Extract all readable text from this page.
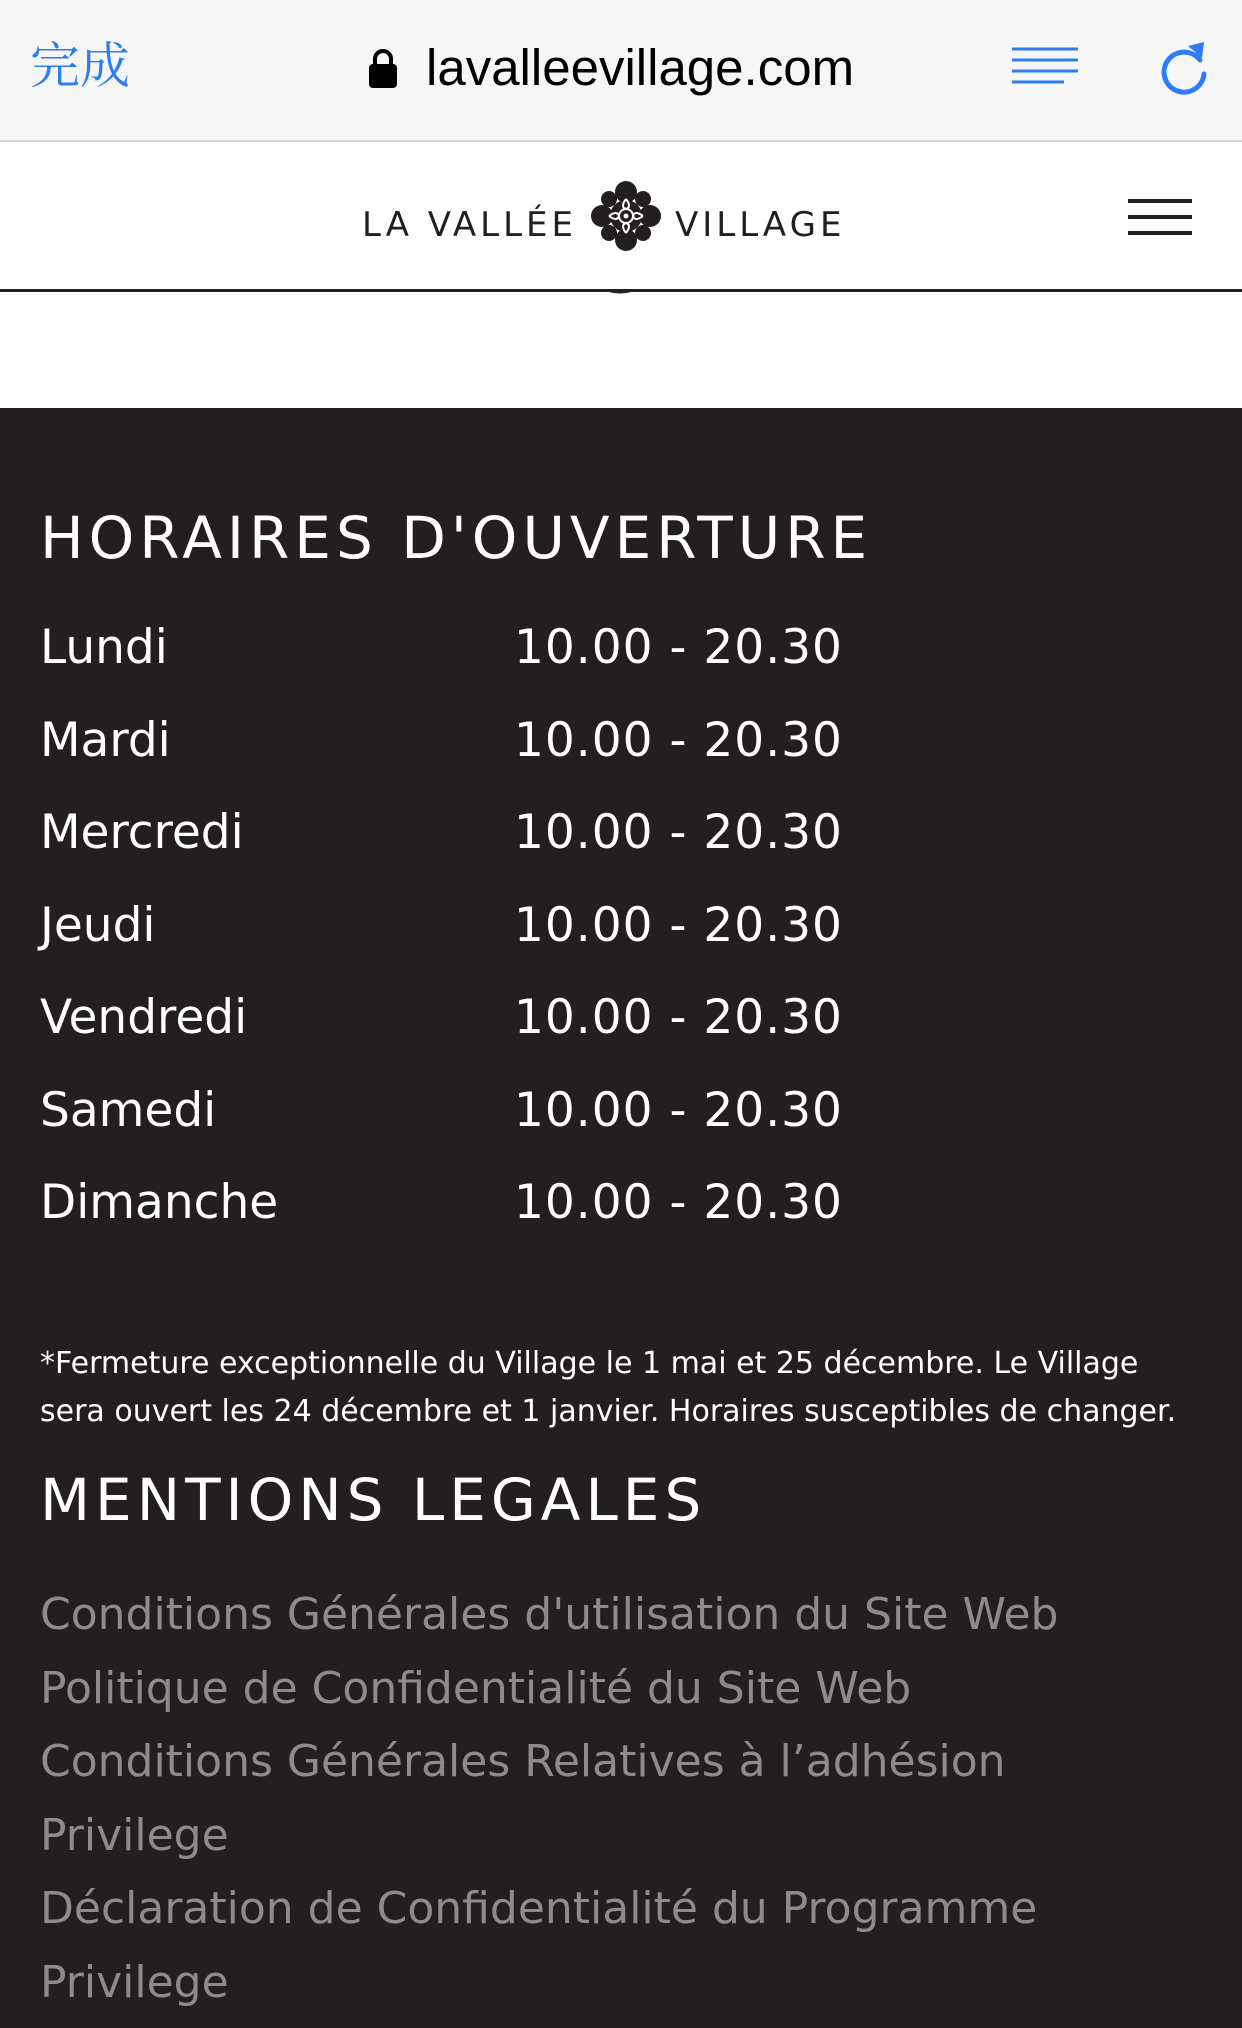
完成	lavalleevillage.com
LA VALLÉE	VILLAGE
HORAIRES D'OUVERTURE
Lundi	10.00 - 20.30
Mardi	10.00 - 20.30
Mercredi	10.00 - 20.30
Jeudi	10.00 - 20.30
Vendredi	10.00 - 20.30
Samedi	10.00 - 20.30
Dimanche	10.00 - 20.30

*Fermeture exceptionnelle du Village le 1 mai et 25 décembre. Le Village sera ouvert les 24 décembre et 1 janvier. Horaires susceptibles de changer.

MENTIONS LEGALES
Conditions Générales d'utilisation du Site Web
Politique de Confidentialité du Site Web
Conditions Générales Relatives à l’adhésion Privilege
Déclaration de Confidentialité du Programme Privilege
